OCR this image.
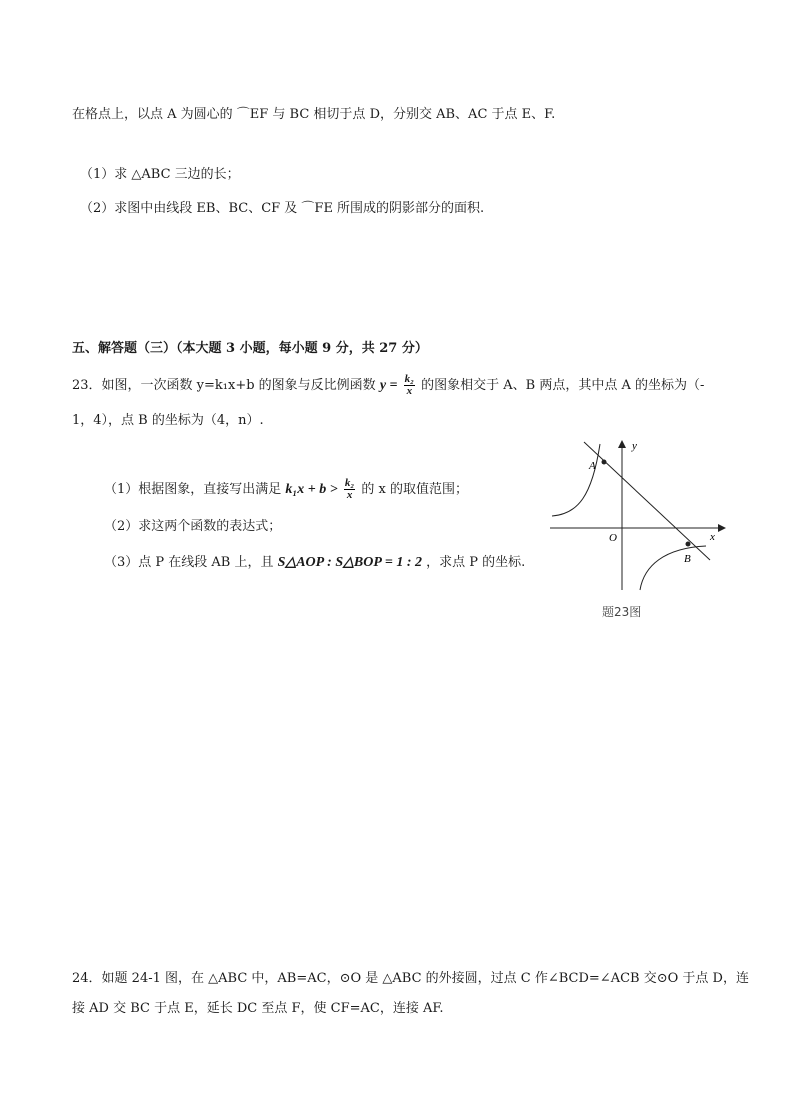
在格点上，以点 A 为圆心的 ⌒EF 与 BC 相切于点 D，分别交 AB、AC 于点 E、F.
（1）求 △ABC 三边的长；
（2）求图中由线段 EB、BC、CF 及 ⌒FE 所围成的阴影部分的面积.
五、解答题（三）（本大题 3 小题，每小题 9 分，共 27 分）
23．如图，一次函数 y=k₁x+b 的图象与反比例函数 $y = \frac{\text{k₂}}{x}$ 的图象相交于 A、B 两点，其中点 A 的坐标为（-
1，4），点 B 的坐标为（4，n）.
（1）根据图象，直接写出满足 $k_1x + b > \frac{\text{k₂}}{x}$ 的 x 的取值范围；
（2）求这两个函数的表达式；
（3）点 P 在线段 AB 上，且 S△AOP : S△BOP = 1 : 2 ，求点 P 的坐标.
A
B
O	x
y
题23图
24．如题 24-1 图，在 △ABC 中，AB=AC，⊙O 是 △ABC 的外接圆，过点 C 作∠BCD=∠ACB 交⊙O 于点 D，连
接 AD 交 BC 于点 E，延长 DC 至点 F，使 CF=AC，连接 AF.
